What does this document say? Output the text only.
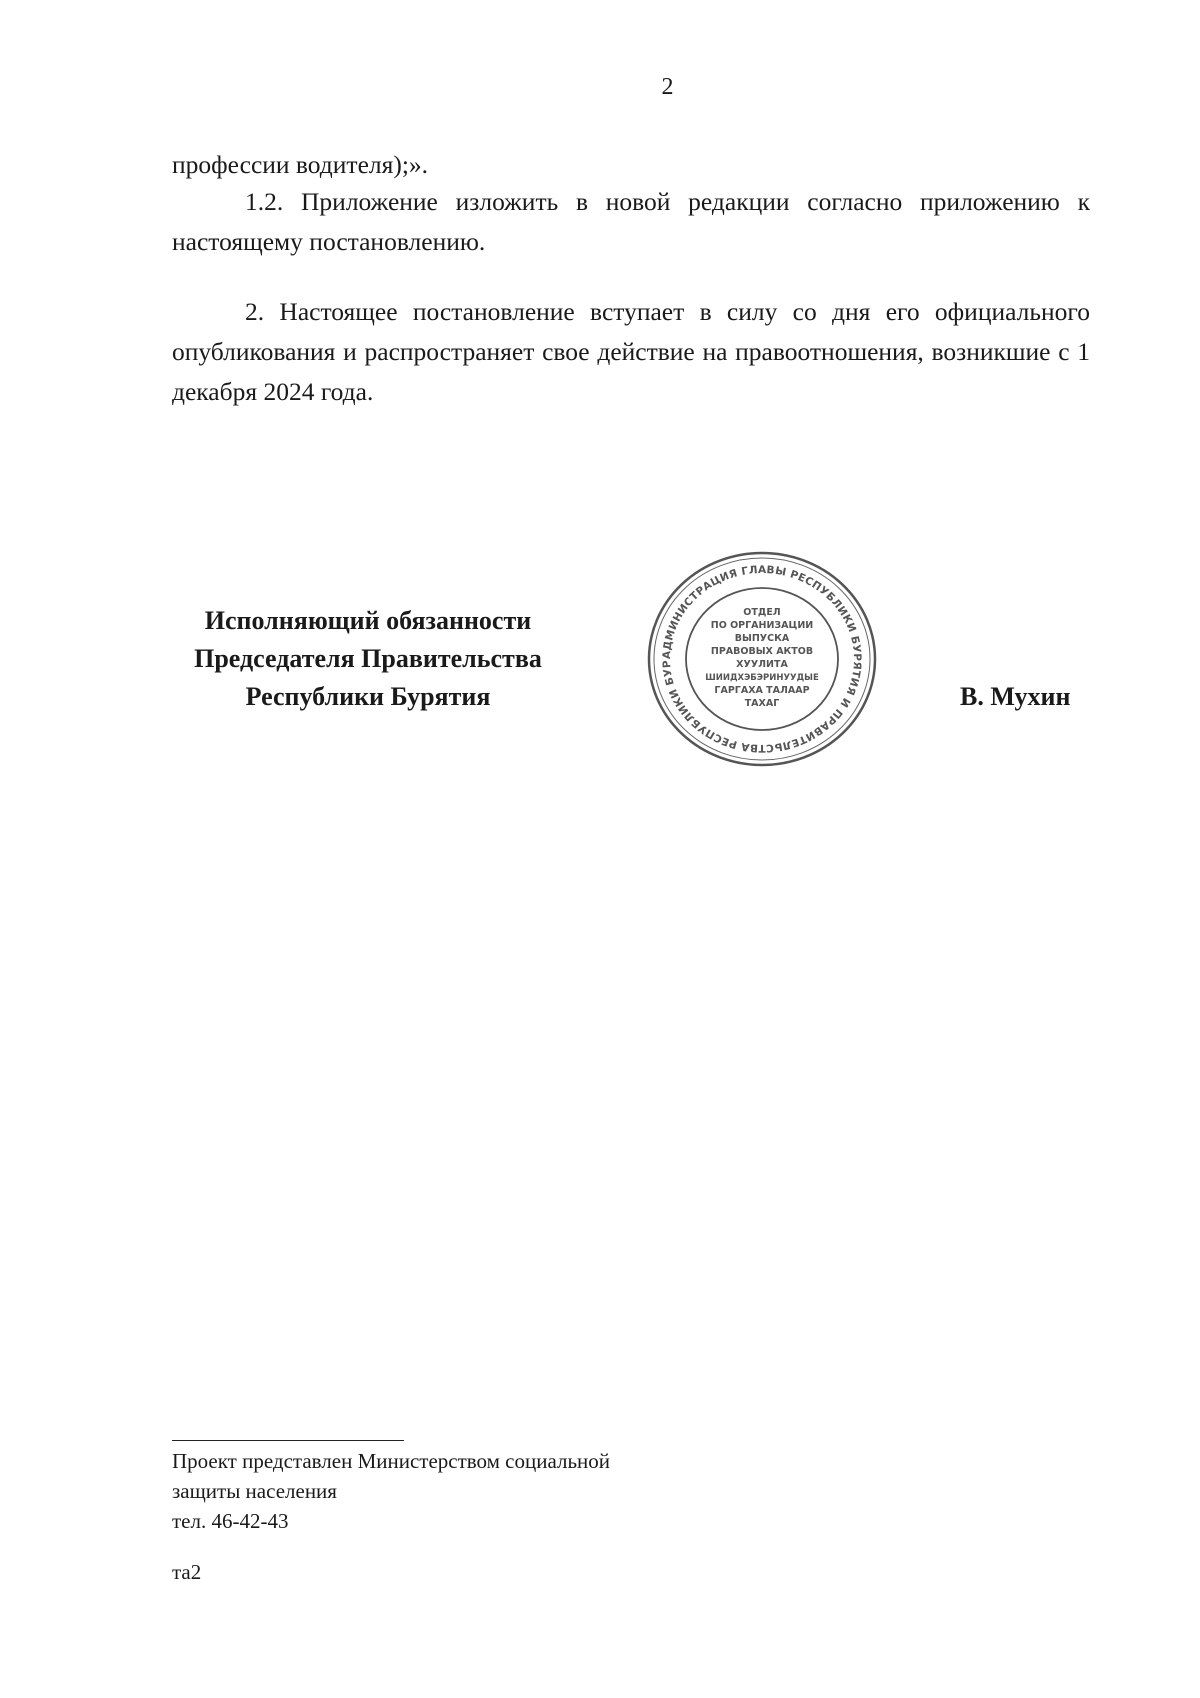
2

профессии водителя);».

1.2. Приложение изложить в новой редакции согласно приложению к настоящему постановлению.

2. Настоящее постановление вступает в силу со дня его официального опубликования и распространяет свое действие на правоотношения, возникшие с 1 декабря 2024 года.

Исполняющий обязанности
Председателя Правительства
Республики Бурятия
АДМИНИСТРАЦИЯ ГЛАВЫ РЕСПУБЛИКИ БУРЯТИЯ И ПРАВИТЕЛЬСТВА РЕСПУБЛИКИ БУР
ОТДЕЛ
ПО ОРГАНИЗАЦИИ
ВЫПУСКА
ПРАВОВЫХ АКТОВ
ХУУЛИТА
ШИИДХЭБЭРИНУУДЫЕ
ГАРГАХА ТАЛААР
ТАХАГ	В. Мухин
Проект представлен Министерством социальной
защиты населения
тел. 46-42-43
та2
